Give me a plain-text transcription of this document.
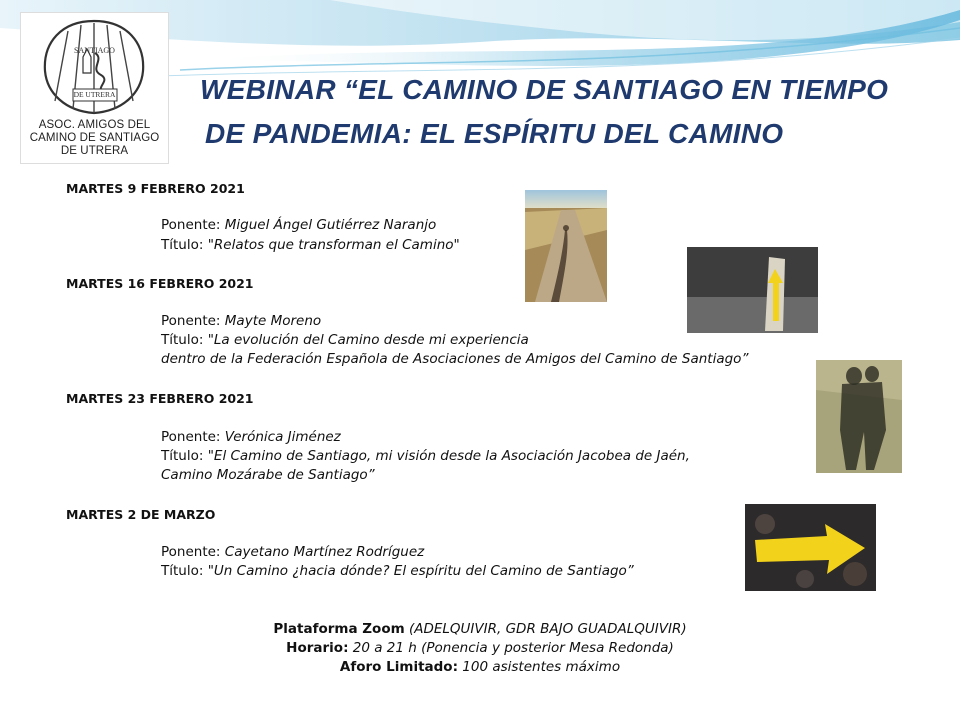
SANTIAGO
DE UTRERA
ASOC. AMIGOS DEL
CAMINO DE SANTIAGO
DE UTRERA
WEBINAR “EL CAMINO DE SANTIAGO EN TIEMPO
DE PANDEMIA: EL ESPÍRITU DEL CAMINO
MARTES 9 FEBRERO 2021
Ponente: Miguel Ángel Gutiérrez Naranjo
Título: "Relatos que transforman el Camino"
MARTES 16 FEBRERO 2021
Ponente: Mayte Moreno
Título: "La evolución del Camino desde mi experiencia
dentro de la Federación Española de Asociaciones de Amigos del Camino de Santiago”
MARTES 23 FEBRERO 2021
Ponente: Verónica Jiménez
Título: "El Camino de Santiago, mi visión desde la Asociación Jacobea de Jaén,
Camino Mozárabe de Santiago”
MARTES 2 DE MARZO
Ponente: Cayetano Martínez Rodríguez
Título: "Un Camino ¿hacia dónde? El espíritu del Camino de Santiago”
Plataforma Zoom (ADELQUIVIR, GDR BAJO GUADALQUIVIR)
Horario: 20 a 21 h (Ponencia y posterior Mesa Redonda)
Aforo Limitado: 100 asistentes máximo
